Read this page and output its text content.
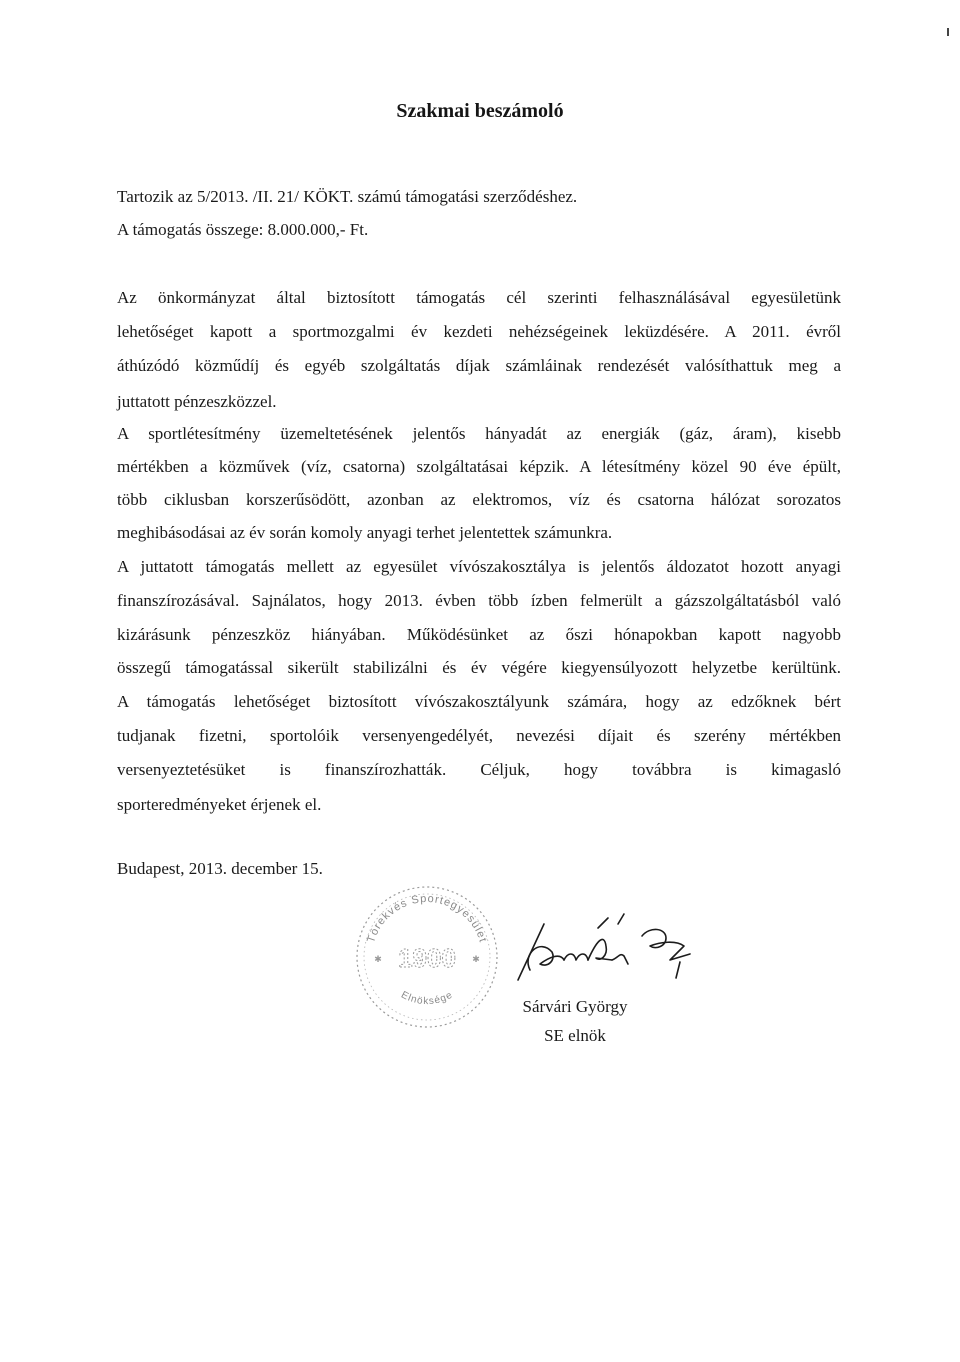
Szakmai beszámoló
Tartozik az 5/2013. /II. 21/ KÖKT. számú támogatási szerződéshez.
A támogatás összege: 8.000.000,- Ft.
Az önkormányzat által biztosított támogatás cél szerinti felhasználásával egyesületünk
lehetőséget kapott a sportmozgalmi év kezdeti nehézségeinek leküzdésére. A 2011. évről
áthúzódó közműdíj és egyéb szolgáltatás díjak számláinak rendezését valósíthattuk meg a
juttatott pénzeszközzel.
A sportlétesítmény üzemeltetésének jelentős hányadát az energiák (gáz, áram), kisebb
mértékben a közművek (víz, csatorna) szolgáltatásai képzik. A létesítmény közel 90 éve épült,
több ciklusban korszerűsödött, azonban az elektromos, víz és csatorna hálózat sorozatos
meghibásodásai az év során komoly anyagi terhet jelentettek számunkra.
A juttatott támogatás mellett az egyesület vívószakosztálya is jelentős áldozatot hozott anyagi
finanszírozásával. Sajnálatos, hogy 2013. évben több ízben felmerült a gázszolgáltatásból való
kizárásunk pénzeszköz hiányában. Működésünket az őszi hónapokban kapott nagyobb
összegű támogatással sikerült stabilizálni és év végére kiegyensúlyozott helyzetbe kerültünk.
A támogatás lehetőséget biztosított vívószakosztályunk számára, hogy az edzőknek bért
tudjanak fizetni, sportolóik versenyengedélyét, nevezési díjait és szerény mértékben
versenyeztetésüket is finanszírozhatták. Céljuk, hogy továbbra is kimagasló
sporteredményeket érjenek el.
Budapest, 2013. december 15.
Törekvés Sportegyesület
Elnöksége
1900
✱	✱
Sárvári György
SE elnök
